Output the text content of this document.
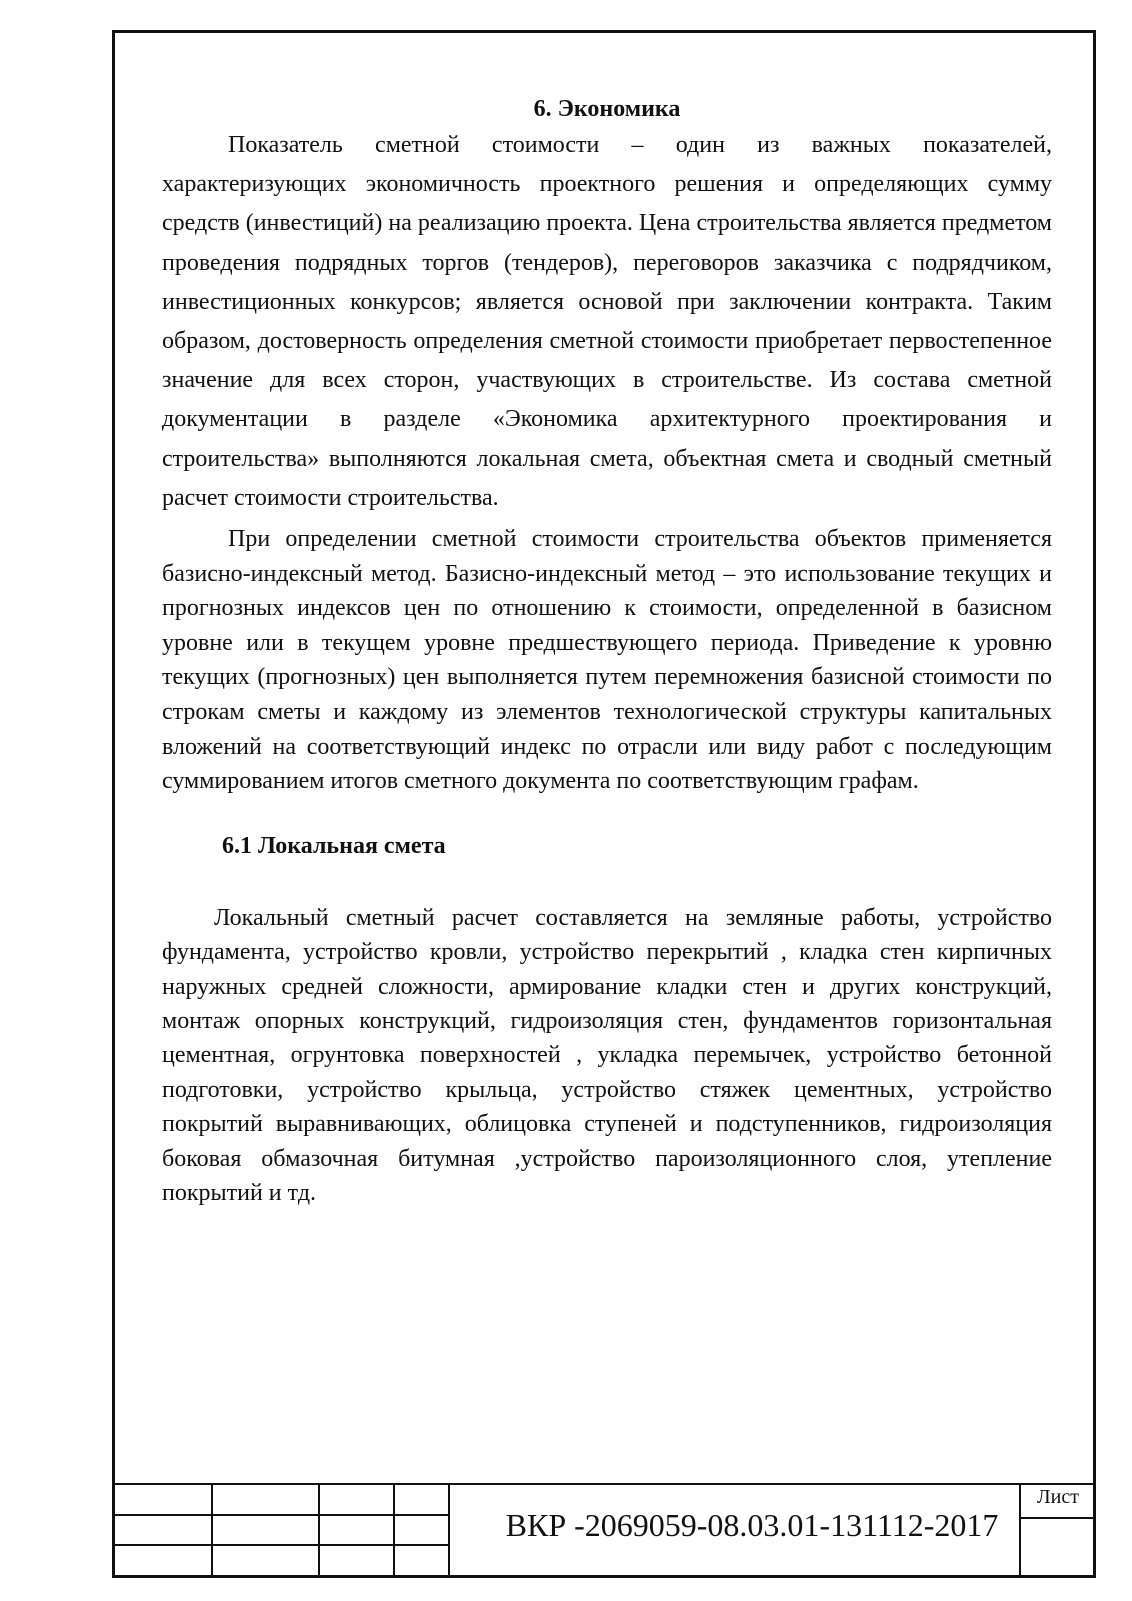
6. Экономика

Показатель сметной стоимости – один из важных показателей, характеризующих экономичность проектного решения и определяющих сумму средств (инвестиций) на реализацию проекта. Цена строительства является предметом проведения подрядных торгов (тендеров), переговоров заказчика с подрядчиком, инвестиционных конкурсов; является основой при заключении контракта. Таким образом, достоверность определения сметной стоимости приобретает первостепенное значение для всех сторон, участвующих в строительстве. Из состава сметной документации в разделе «Экономика архитектурного проектирования и строительства» выполняются локальная смета, объектная смета и сводный сметный расчет стоимости строительства.

При определении сметной стоимости строительства объектов применяется базисно-индексный метод. Базисно-индексный метод – это использование текущих и прогнозных индексов цен по отношению к стоимости, определенной в базисном уровне или в текущем уровне предшествующего периода. Приведение к уровню текущих (прогнозных) цен выполняется путем перемножения базисной стоимости по строкам сметы и каждому из элементов технологической структуры капитальных вложений на соответствующий индекс по отрасли или виду работ с последующим суммированием итогов сметного документа по соответствующим графам.

6.1 Локальная смета

Локальный сметный расчет составляется на земляные работы, устройство фундамента, устройство кровли, устройство перекрытий , кладка стен кирпичных наружных средней сложности, армирование кладки стен и других конструкций, монтаж опорных конструкций, гидроизоляция стен, фундаментов горизонтальная цементная, огрунтовка поверхностей , укладка перемычек, устройство бетонной подготовки, устройство крыльца, устройство стяжек цементных, устройство покрытий выравнивающих, облицовка ступеней и подступенников, гидроизоляция боковая обмазочная битумная ,устройство пароизоляционного слоя, утепление покрытий и тд.

ВКР -2069059-08.03.01-131112-2017
Лист
